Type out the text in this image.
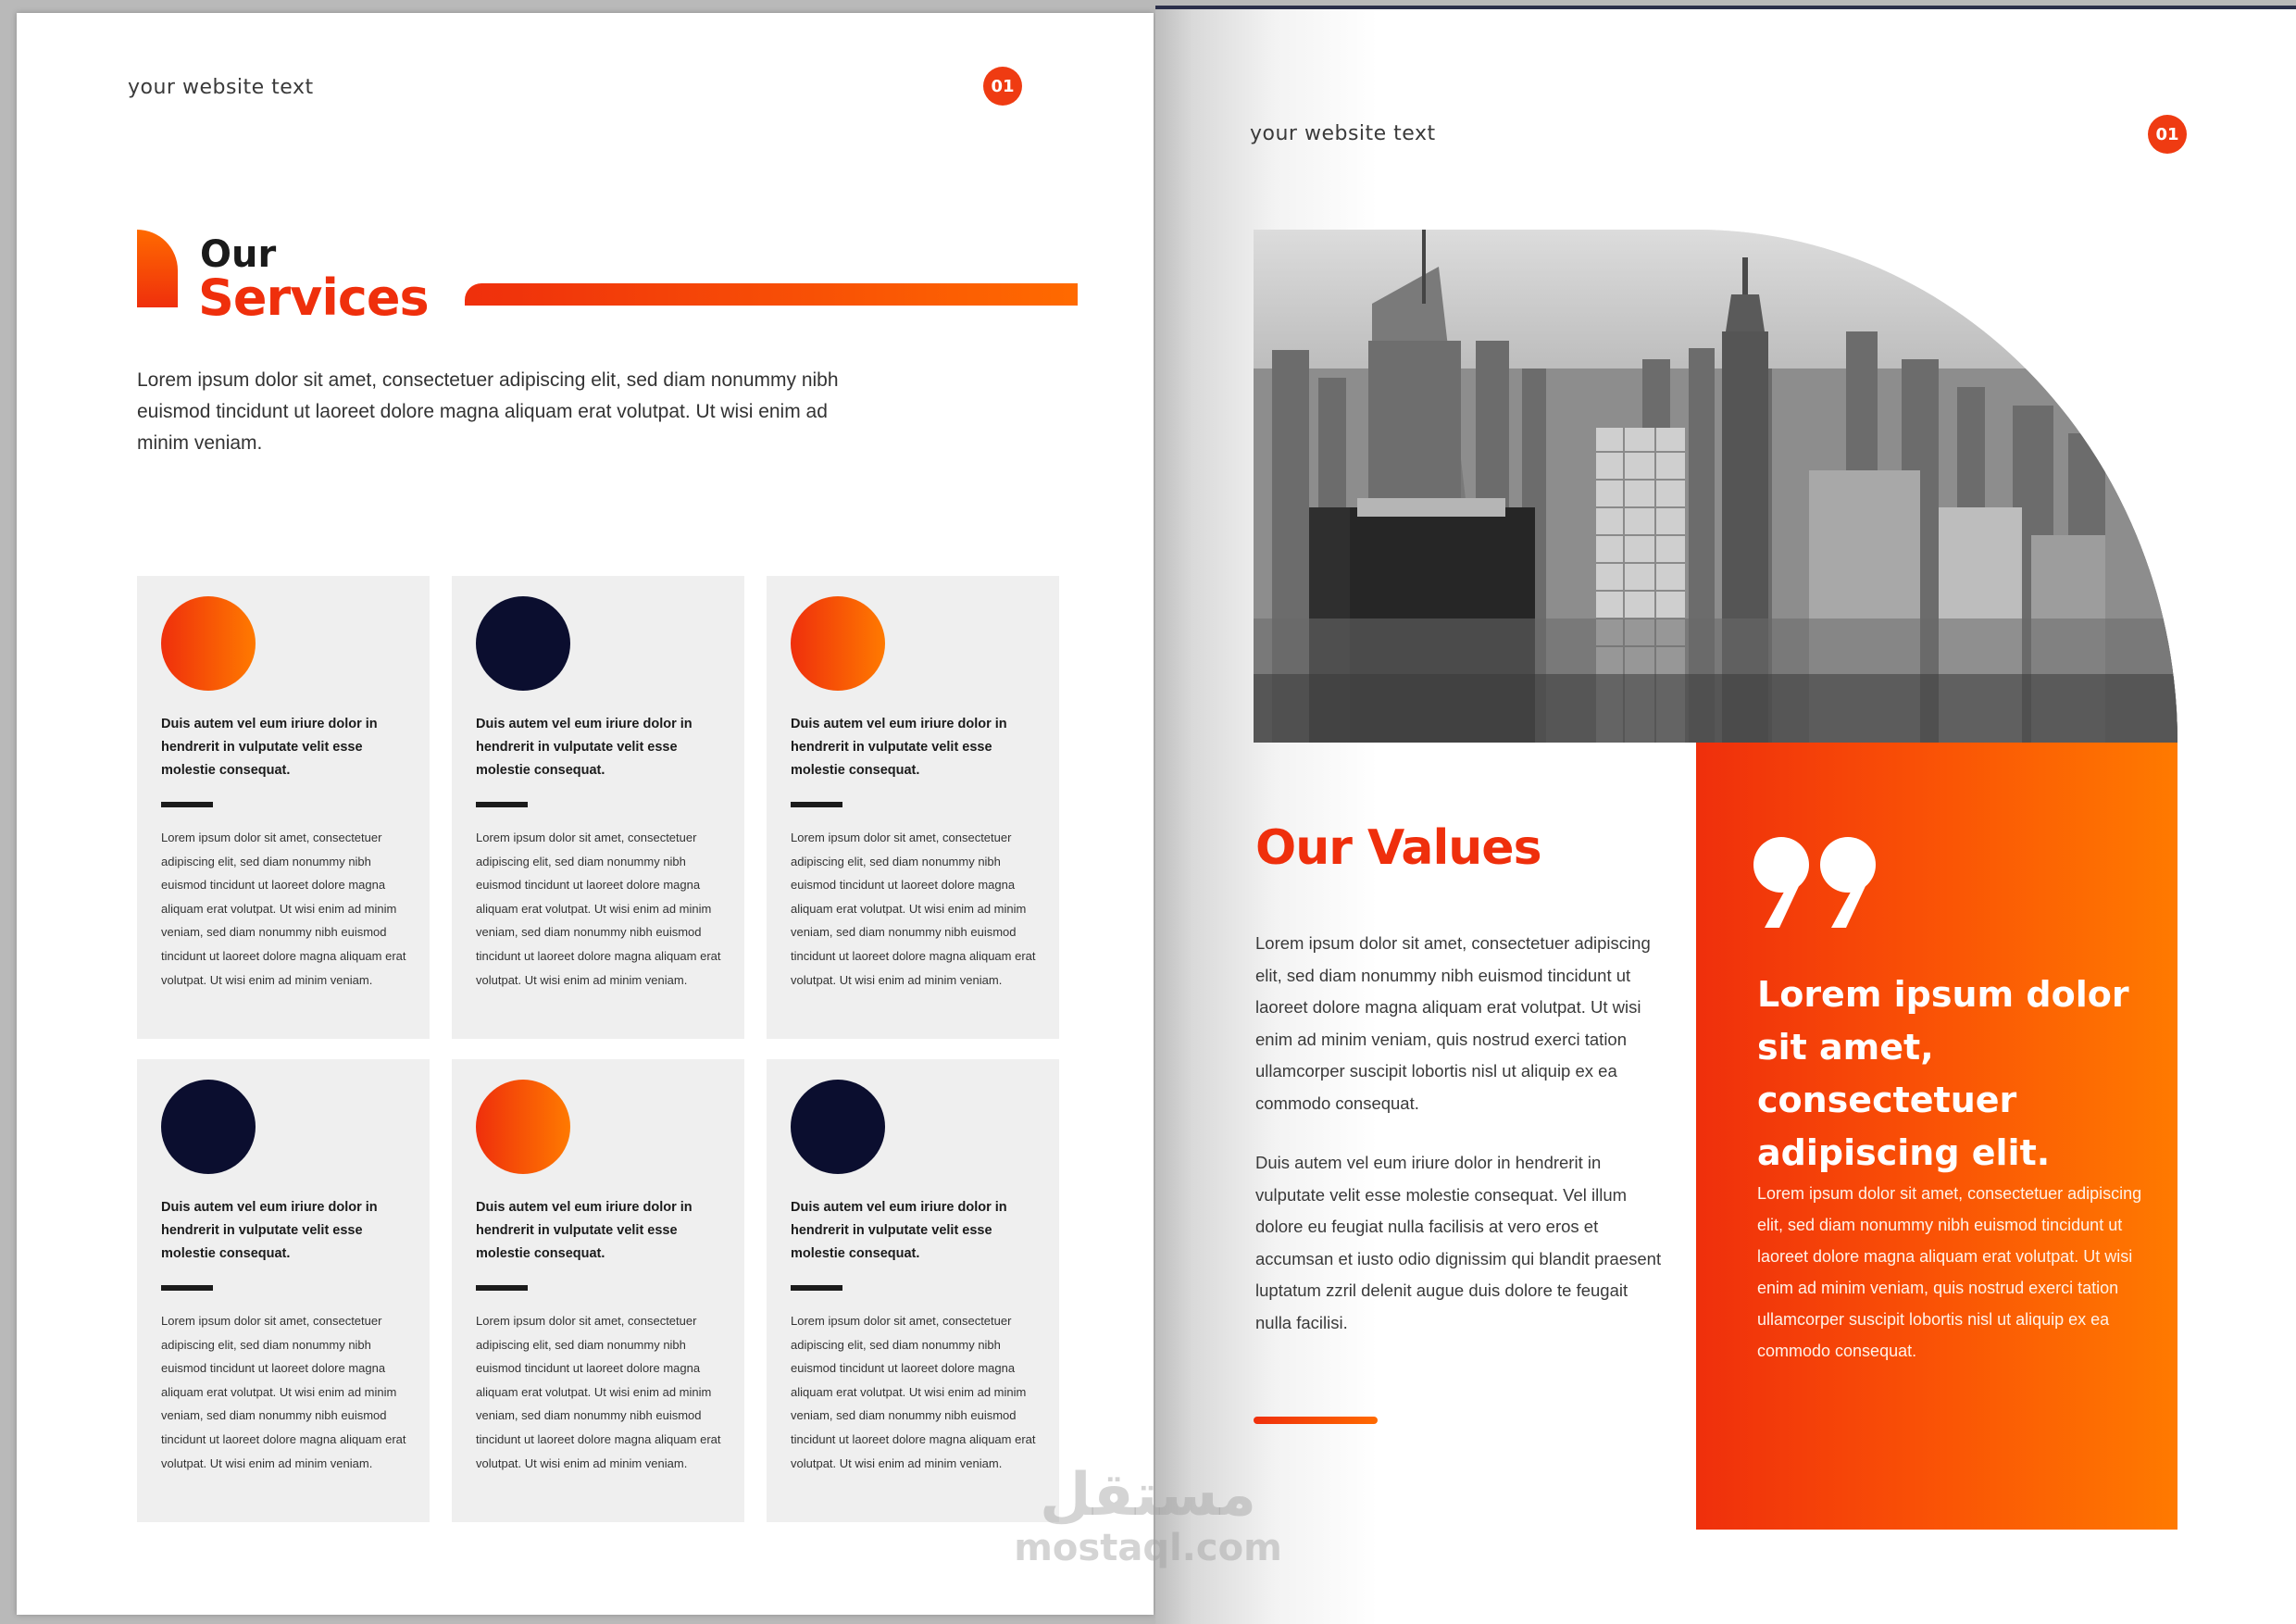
your website text	01
Our
Services
Lorem ipsum dolor sit amet, consectetuer adipiscing elit, sed diam nonummy nibh euismod tincidunt ut laoreet dolore magna aliquam erat volutpat. Ut wisi enim ad minim veniam.
Duis autem vel eum iriure dolor in hendrerit in vulputate velit esse molestie consequat.
Lorem ipsum dolor sit amet, consectetuer adipiscing elit, sed diam nonummy nibh euismod tincidunt ut laoreet dolore magna aliquam erat volutpat. Ut wisi enim ad minim veniam, sed diam nonummy nibh euismod tincidunt ut laoreet dolore magna aliquam erat volutpat. Ut wisi enim ad minim veniam.
Duis autem vel eum iriure dolor in hendrerit in vulputate velit esse molestie consequat.
Lorem ipsum dolor sit amet, consectetuer adipiscing elit, sed diam nonummy nibh euismod tincidunt ut laoreet dolore magna aliquam erat volutpat. Ut wisi enim ad minim veniam, sed diam nonummy nibh euismod tincidunt ut laoreet dolore magna aliquam erat volutpat. Ut wisi enim ad minim veniam.
Duis autem vel eum iriure dolor in hendrerit in vulputate velit esse molestie consequat.
Lorem ipsum dolor sit amet, consectetuer adipiscing elit, sed diam nonummy nibh euismod tincidunt ut laoreet dolore magna aliquam erat volutpat. Ut wisi enim ad minim veniam, sed diam nonummy nibh euismod tincidunt ut laoreet dolore magna aliquam erat volutpat. Ut wisi enim ad minim veniam.
Duis autem vel eum iriure dolor in hendrerit in vulputate velit esse molestie consequat.
Lorem ipsum dolor sit amet, consectetuer adipiscing elit, sed diam nonummy nibh euismod tincidunt ut laoreet dolore magna aliquam erat volutpat. Ut wisi enim ad minim veniam, sed diam nonummy nibh euismod tincidunt ut laoreet dolore magna aliquam erat volutpat. Ut wisi enim ad minim veniam.
Duis autem vel eum iriure dolor in hendrerit in vulputate velit esse molestie consequat.
Lorem ipsum dolor sit amet, consectetuer adipiscing elit, sed diam nonummy nibh euismod tincidunt ut laoreet dolore magna aliquam erat volutpat. Ut wisi enim ad minim veniam, sed diam nonummy nibh euismod tincidunt ut laoreet dolore magna aliquam erat volutpat. Ut wisi enim ad minim veniam.
Duis autem vel eum iriure dolor in hendrerit in vulputate velit esse molestie consequat.
Lorem ipsum dolor sit amet, consectetuer adipiscing elit, sed diam nonummy nibh euismod tincidunt ut laoreet dolore magna aliquam erat volutpat. Ut wisi enim ad minim veniam, sed diam nonummy nibh euismod tincidunt ut laoreet dolore magna aliquam erat volutpat. Ut wisi enim ad minim veniam.
your website text	01
Our Values

Lorem ipsum dolor sit amet, consectetuer adipiscing elit, sed diam nonummy nibh euismod tincidunt ut laoreet dolore magna aliquam erat volutpat. Ut wisi enim ad minim veniam, quis nostrud exerci tation ullamcorper suscipit lobortis nisl ut aliquip ex ea commodo consequat.

Duis autem vel eum iriure dolor in hendrerit in vulputate velit esse molestie consequat. Vel illum dolore eu feugiat nulla facilisis at vero eros et accumsan et iusto odio dignissim qui blandit praesent luptatum zzril delenit augue duis dolore te feugait nulla facilisi.

Lorem ipsum dolor sit amet, consectetuer adipiscing elit.
Lorem ipsum dolor sit amet, consectetuer adipiscing elit, sed diam nonummy nibh euismod tincidunt ut laoreet dolore magna aliquam erat volutpat. Ut wisi enim ad minim veniam, quis nostrud exerci tation ullamcorper suscipit lobortis nisl ut aliquip ex ea commodo consequat.
مستقل
mostaql.com
